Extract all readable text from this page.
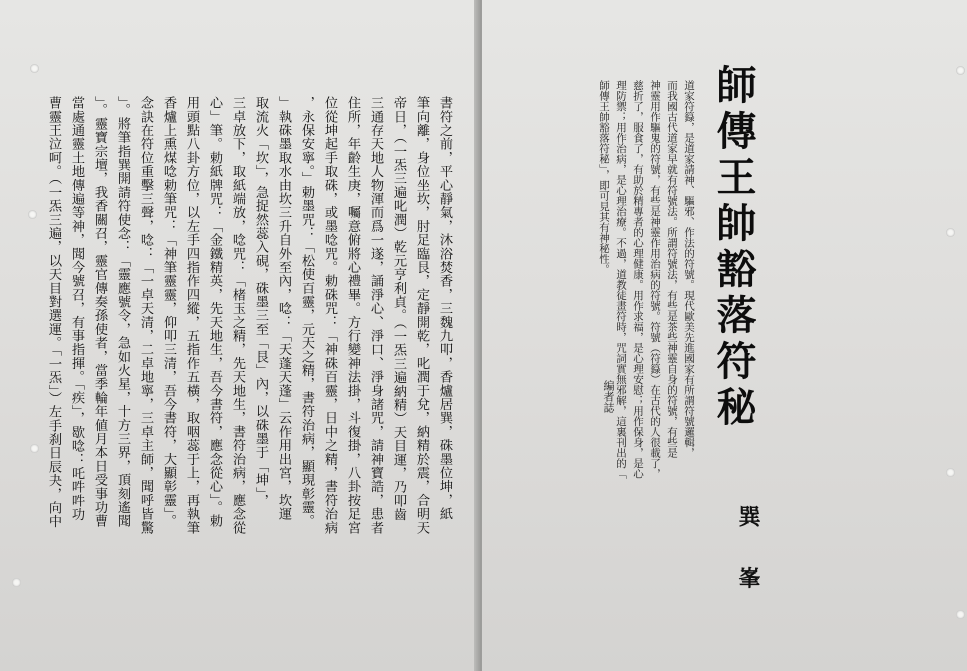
書符之前，平心靜氣，沐浴焚香，三魏九叩，香爐居巽，硃墨位坤，紙
筆向離，身位坐坎，肘足臨艮，定靜開乾，叱潤于兌，納精於震，合明天
帝日，（一炁三遍叱潤）乾元亨利貞。（一炁三遍納精）天目運，乃叩齒
三通存天地人物渾而爲一遂，誦淨心、淨口、淨身諸咒，請神寶誥，患者
住所，年齡生庚，囑意俯將心禮畢。方行變神法掛，斗復掛，八卦按足宮
位從坤起手取硃，或墨唸咒。勅硃咒：「神硃百靈，日中之精，書符治病
，永保安寧。」勅墨咒：「松使百靈，元天之精，書符治病，顯現彰靈。
」執硃墨取水由坎三升自外至內，唸：「天蓬天蓬」云作用出宮，坎運
取流火「坎」，急捉然蕊入硯，硃墨三至「艮」內，以硃墨于「坤」，
三卓放下，取紙端放，唸咒：「楮玉之精，先天地生，書符治病，應念從
心」筆。勅紙牌咒：「金鐵精英，先天地生，吾今書符，應念從心」。勅
用頭點八卦方位，以左手四指作四縱，五指作五橫，取咽蕊于上，再執筆
香爐上熏煤唸勅筆咒：「神筆靈靈，仰叩三清，吾今書符，大顯彰靈」。
念訣在符位重擊三聲，唸：「一卓天清，二卓地寧，三卓主師，聞呼皆驚
」。將筆指巽開請符使念：「靈應號令，急如火星，十方三界，頂刻遙聞
」。靈寶宗壇，我香關召，靈官傳奏孫使者，當季輪年値月本日受事功曹
當處通靈土地傳遍等神，聞今號召，有事指揮。「疾」，歇唸：吒吽吽功
曹靈王泣呵。（一炁三遍，以天目對選運。「一炁」）左手刹日辰夬，向中	師傳王帥豁落符秘
巽 峯
道家符籙，是道家請神、驅邪、作法的符號。現代歐美先進國家有所謂符號邏輯，
而我國古代道家早就有符號法。所謂符號法，有些是茶些神靈自身的符號，有些是
神靈用作驅鬼的符號，有些是神靈作用治病的符號。符號（符籙）在古代的人很載了，
慈折了，服食了，有助於精專者的心理健康。用作求福，是心理安慰；用作保身，是心
理防禦；用作治病，是心理治療。不過，道教徒畫符時，咒詞實無邪解，這裏刊出的「
師傳王帥豁落符秘」，即可見其有神秘性。
編者誌
